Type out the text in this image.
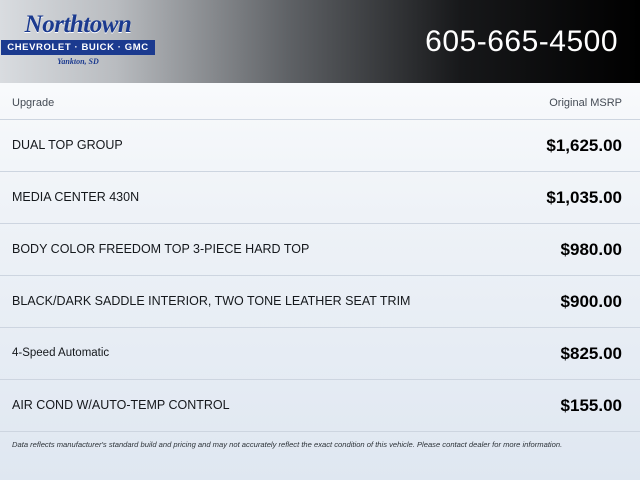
Northtown
CHEVROLET · BUICK · GMC
Yankton, SD
605-665-4500
Upgrade	Original MSRP
DUAL TOP GROUP	$1,625.00
MEDIA CENTER 430N	$1,035.00
BODY COLOR FREEDOM TOP 3-PIECE HARD TOP	$980.00
BLACK/DARK SADDLE INTERIOR, TWO TONE LEATHER SEAT TRIM	$900.00
4-Speed Automatic	$825.00
AIR COND W/AUTO-TEMP CONTROL	$155.00
Data reflects manufacturer's standard build and pricing and may not accurately reflect the exact condition of this vehicle. Please contact dealer for more information.
